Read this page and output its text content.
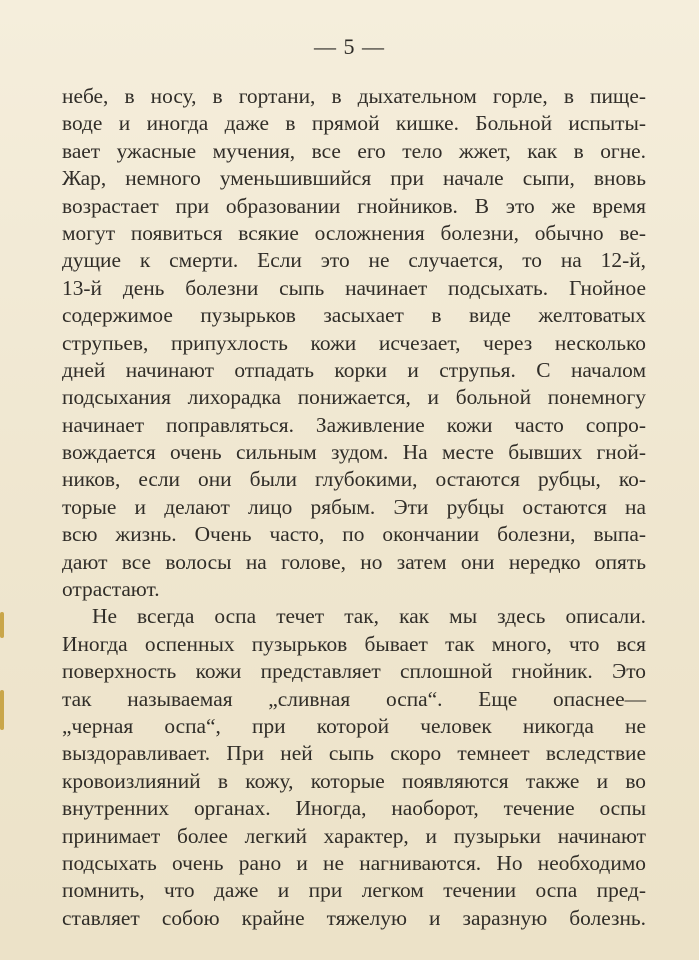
— 5 —
небе, в носу, в гортани, в дыхательном горле, в пище-
воде и иногда даже в прямой кишке. Больной испыты-
вает ужасные мучения, все его тело жжет, как в огне.
Жар, немного уменьшившийся при начале сыпи, вновь
возрастает при образовании гнойников. В это же время
могут появиться всякие осложнения болезни, обычно ве-
дущие к смерти. Если это не случается, то на 12-й,
13-й день болезни сыпь начинает подсыхать. Гнойное
содержимое пузырьков засыхает в виде желтоватых
струпьев, припухлость кожи исчезает, через несколько
дней начинают отпадать корки и струпья. С началом
подсыхания лихорадка понижается, и больной понемногу
начинает поправляться. Заживление кожи часто сопро-
вождается очень сильным зудом. На месте бывших гной-
ников, если они были глубокими, остаются рубцы, ко-
торые и делают лицо рябым. Эти рубцы остаются на
всю жизнь. Очень часто, по окончании болезни, выпа-
дают все волосы на голове, но затем они нередко опять
отрастают.
Не всегда оспа течет так, как мы здесь описали.
Иногда оспенных пузырьков бывает так много, что вся
поверхность кожи представляет сплошной гнойник. Это
так называемая „сливная оспа“. Еще опаснее—
„черная оспа“, при которой человек никогда не
выздоравливает. При ней сыпь скоро темнеет вследствие
кровоизлияний в кожу, которые появляются также и во
внутренних органах. Иногда, наоборот, течение оспы
принимает более легкий характер, и пузырьки начинают
подсыхать очень рано и не нагниваются. Но необходимо
помнить, что даже и при легком течении оспа пред-
ставляет собою крайне тяжелую и заразную болезнь.
